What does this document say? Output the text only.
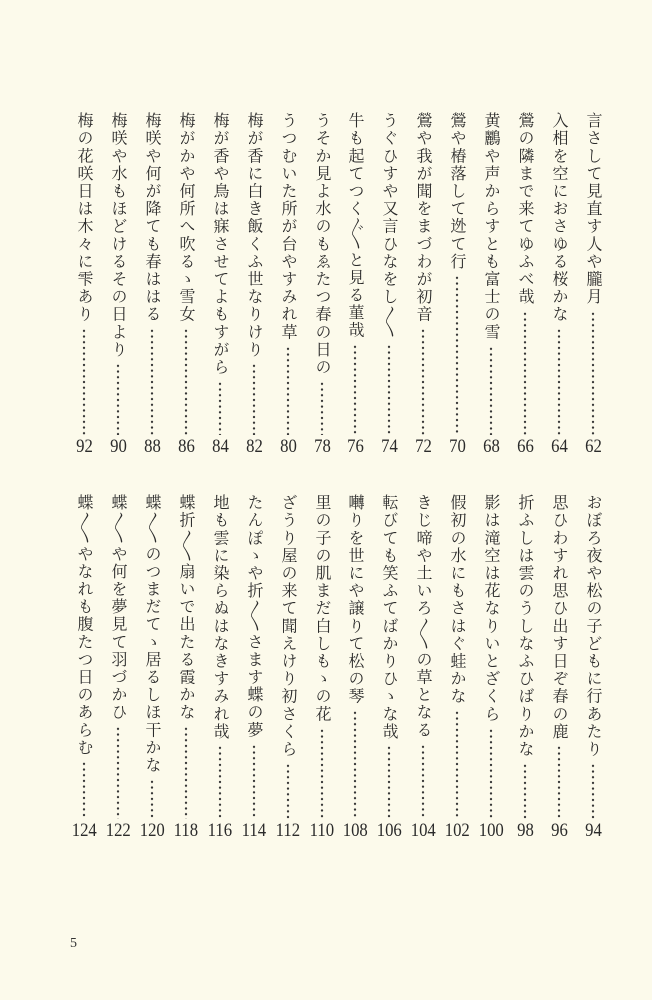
言さして見直す人や朧月
62
入相を空におさゆる桜かな
64
鶯の隣まで来てゆふべ哉
66
黄鸝や声からすとも富士の雪
68
鶯や椿落して迯て行
70
鶯や我が聞をまづわが初音
72
うぐひすや又言ひなをし〱
74
牛も起てつく〲と見る菫哉
76
うそか見よ水のもゑたつ春の日の
78
うつむいた所が台やすみれ草
80
梅が香に白き飯くふ世なりけり
82
梅が香や鳥は寐させてよもすがら
84
梅がかや何所へ吹るゝ雪女
86
梅咲や何が降ても春ははる
88
梅咲や水もほどけるその日より
90
梅の花咲日は木々に雫あり
92
おぼろ夜や松の子どもに行あたり
94
思ひわすれ思ひ出す日ぞ春の鹿
96
折ふしは雲のうしなふひばりかな
98
影は滝空は花なりいとざくら
100
假初の水にもさはぐ蛙かな
102
きじ啼や土いろ〱の草となる
104
転びても笑ふてばかりひゝな哉
106
囀りを世にや譲りて松の琴
108
里の子の肌まだ白しもゝの花
110
ざうり屋の来て聞えけり初さくら
112
たんぽゝや折〱さます蝶の夢
114
地も雲に染らぬはなきすみれ哉
116
蝶折〱扇いで出たる霞かな
118
蝶〱のつまだてゝ居るしほ干かな
120
蝶〱や何を夢見て羽づかひ
122
蝶〱やなれも腹たつ日のあらむ
124
5
